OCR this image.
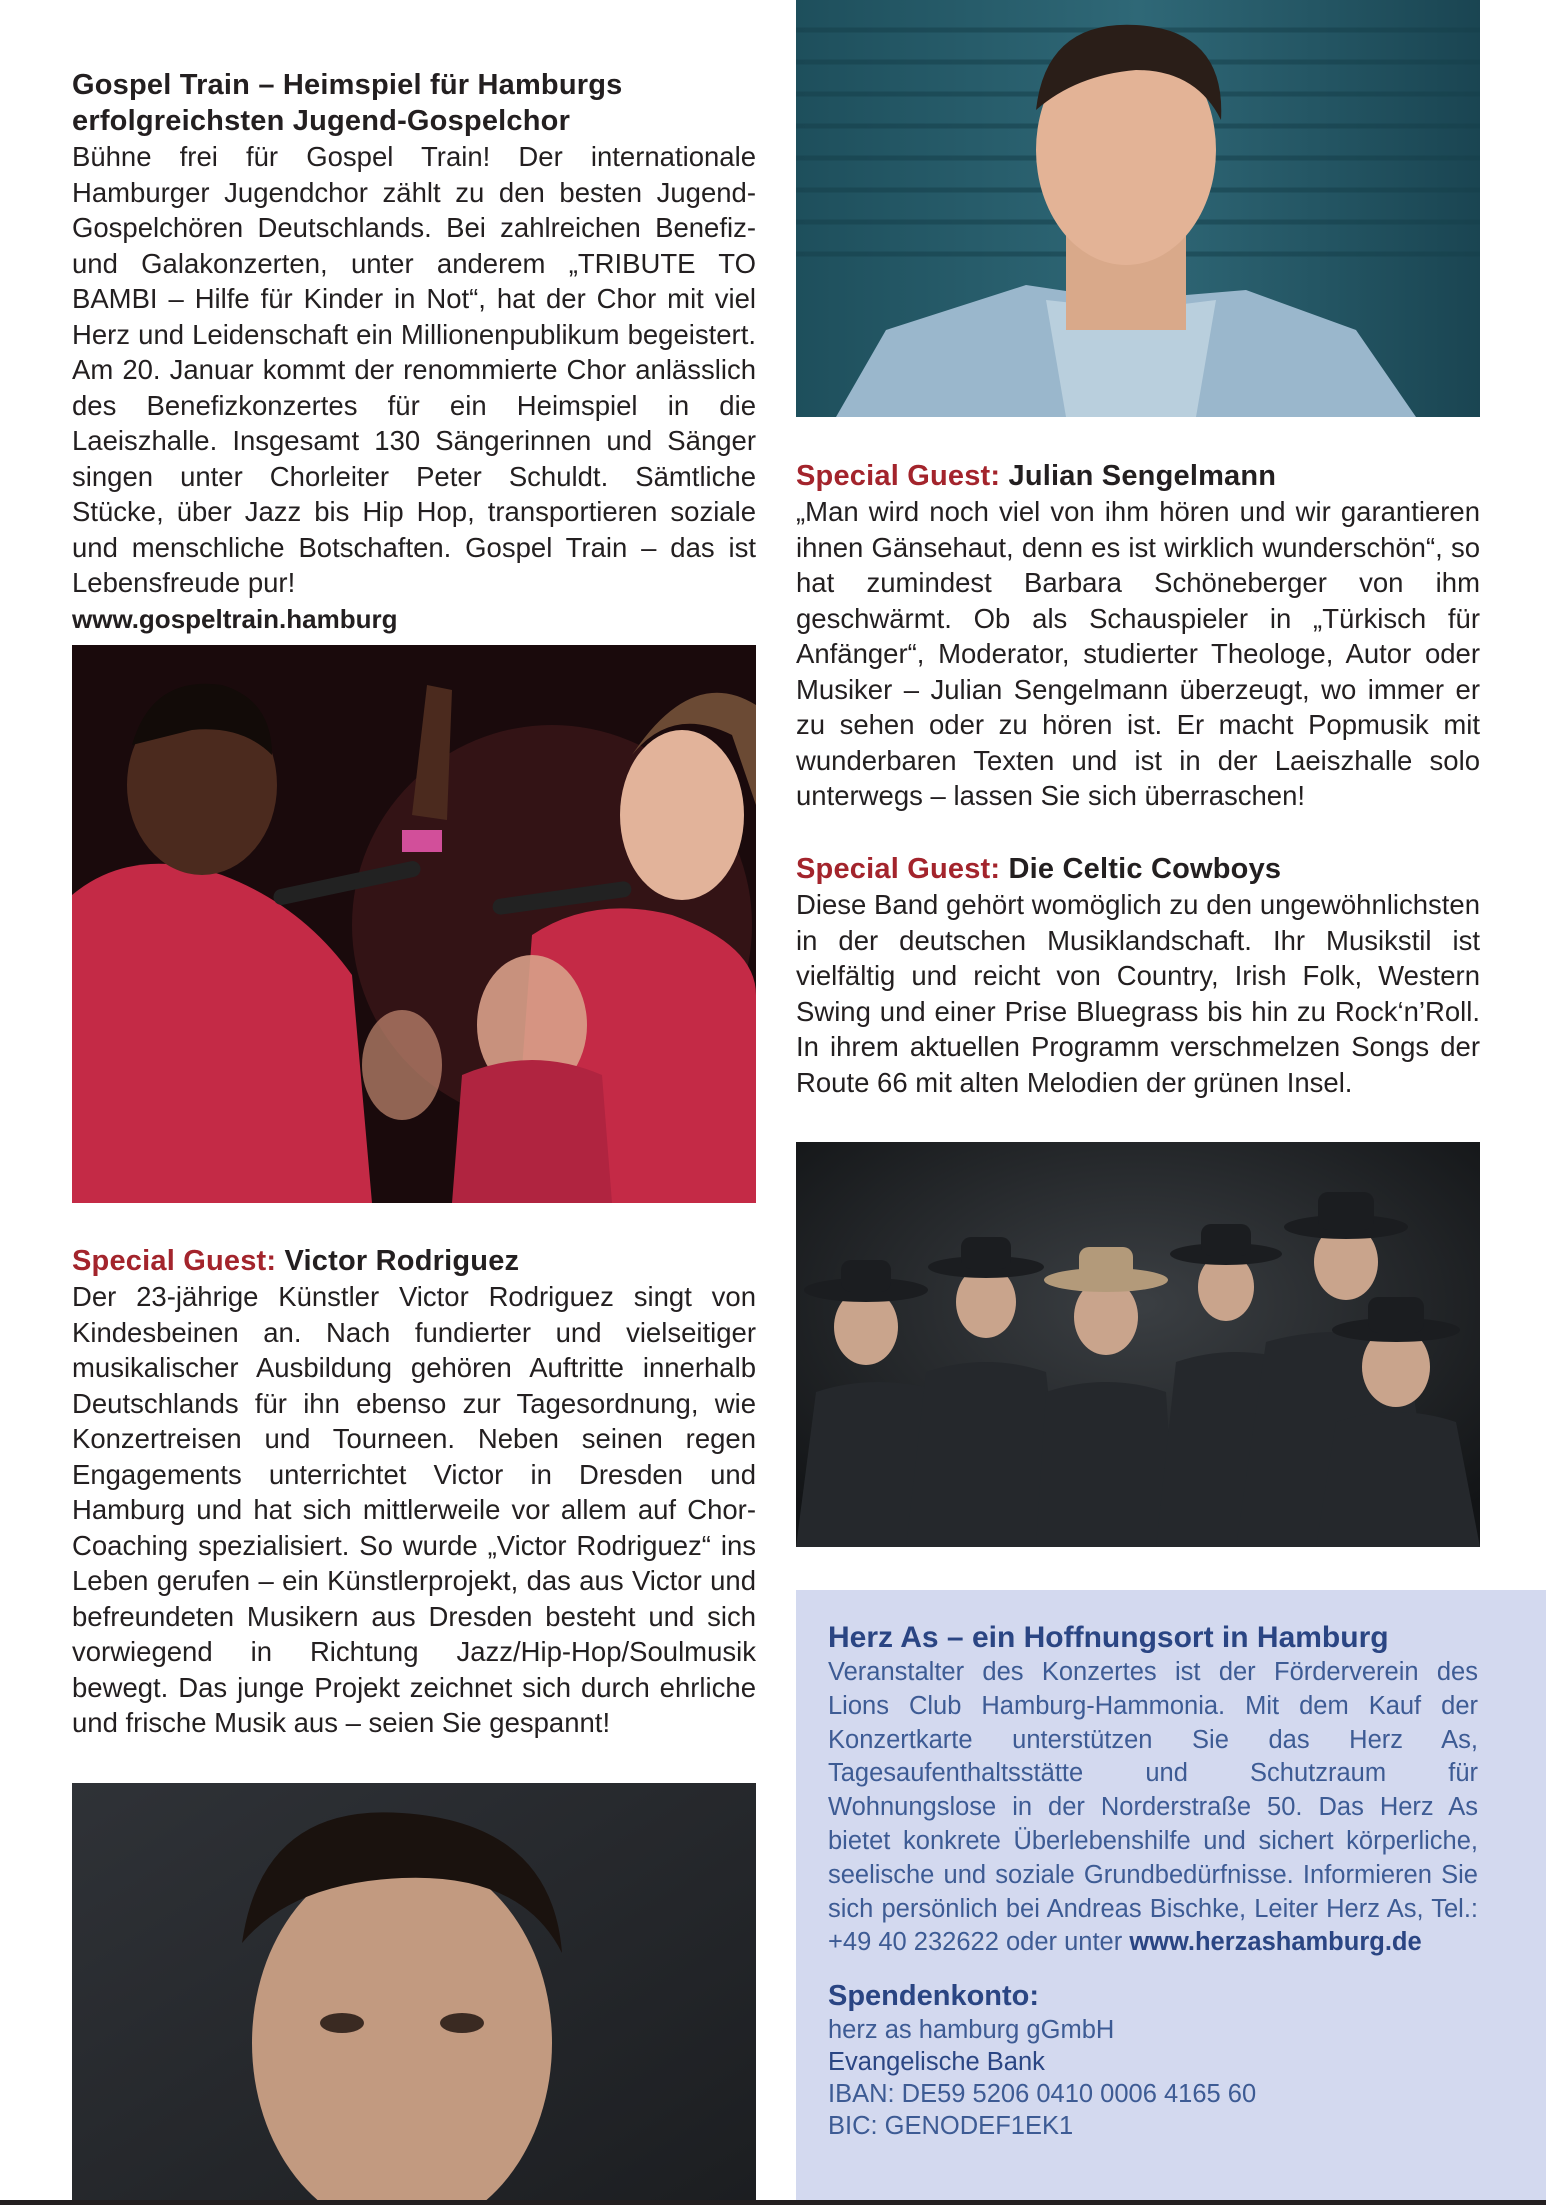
Gospel Train – Heimspiel für Hamburgs
erfolgreichsten Jugend-Gospelchor

Bühne frei für Gospel Train! Der internationale Hamburger Jugendchor zählt zu den besten Jugend-Gospelchören Deutschlands. Bei zahlreichen Benefiz- und Galakonzerten, unter anderem „TRIBUTE TO BAMBI – Hilfe für Kinder in Not“, hat der Chor mit viel Herz und Leidenschaft ein Millionenpublikum begeistert. Am 20. Januar kommt der renommierte Chor anlässlich des Benefizkonzertes für ein Heimspiel in die Laeiszhalle. Insgesamt 130 Sängerinnen und Sänger singen unter Chorleiter Peter Schuldt. Sämtliche Stücke, über Jazz bis Hip Hop, transportieren soziale und menschliche Botschaften. Gospel Train – das ist Lebensfreude pur!

www.gospeltrain.hamburg
Special Guest: Victor Rodriguez

Der 23-jährige Künstler Victor Rodriguez singt von Kindesbeinen an. Nach fundierter und vielseitiger musikalischer Ausbildung gehören Auftritte innerhalb Deutschlands für ihn ebenso zur Tagesordnung, wie Konzertreisen und Tourneen. Neben seinen regen Engagements unterrichtet Victor in Dresden und Hamburg und hat sich mittlerweile vor allem auf Chor-Coaching spezialisiert. So wurde „Victor Rodriguez“ ins Leben gerufen – ein Künstlerprojekt, das aus Victor und befreundeten Musikern aus Dresden besteht und sich vorwiegend in Richtung Jazz/Hip-Hop/Soulmusik bewegt. Das junge Projekt zeichnet sich durch ehrliche und frische Musik aus – seien Sie gespannt!

Special Guest: Julian Sengelmann

„Man wird noch viel von ihm hören und wir garantieren ihnen Gänsehaut, denn es ist wirklich wunderschön“, so hat zumindest Barbara Schöneberger von ihm geschwärmt. Ob als Schauspieler in „Türkisch für Anfänger“, Moderator, studierter Theologe, Autor oder Musiker – Julian Sengelmann überzeugt, wo immer er zu sehen oder zu hören ist. Er macht Popmusik mit wunderbaren Texten und ist in der Laeiszhalle solo unterwegs – lassen Sie sich überraschen!

Special Guest: Die Celtic Cowboys

Diese Band gehört womöglich zu den ungewöhnlichsten in der deutschen Musiklandschaft. Ihr Musikstil ist vielfältig und reicht von Country, Irish Folk, Western Swing und einer Prise Bluegrass bis hin zu Rock‘n’Roll. In ihrem aktuellen Programm verschmelzen Songs der Route 66 mit alten Melodien der grünen Insel.

Herz As – ein Hoffnungsort in Hamburg

Veranstalter des Konzertes ist der Förderverein des Lions Club Hamburg-Hammonia. Mit dem Kauf der Konzertkarte unterstützen Sie das Herz As, Tagesaufenthaltsstätte und Schutzraum für Wohnungslose in der Norderstraße 50. Das Herz As bietet konkrete Überlebenshilfe und sichert körperliche, seelische und soziale Grundbedürfnisse. Informieren Sie sich persönlich bei Andreas Bischke, Leiter Herz As, Tel.: +49 40 232622 oder unter www.herzashamburg.de

Spendenkonto:
herz as hamburg gGmbH
Evangelische Bank
IBAN: DE59 5206 0410 0006 4165 60
BIC: GENODEF1EK1
